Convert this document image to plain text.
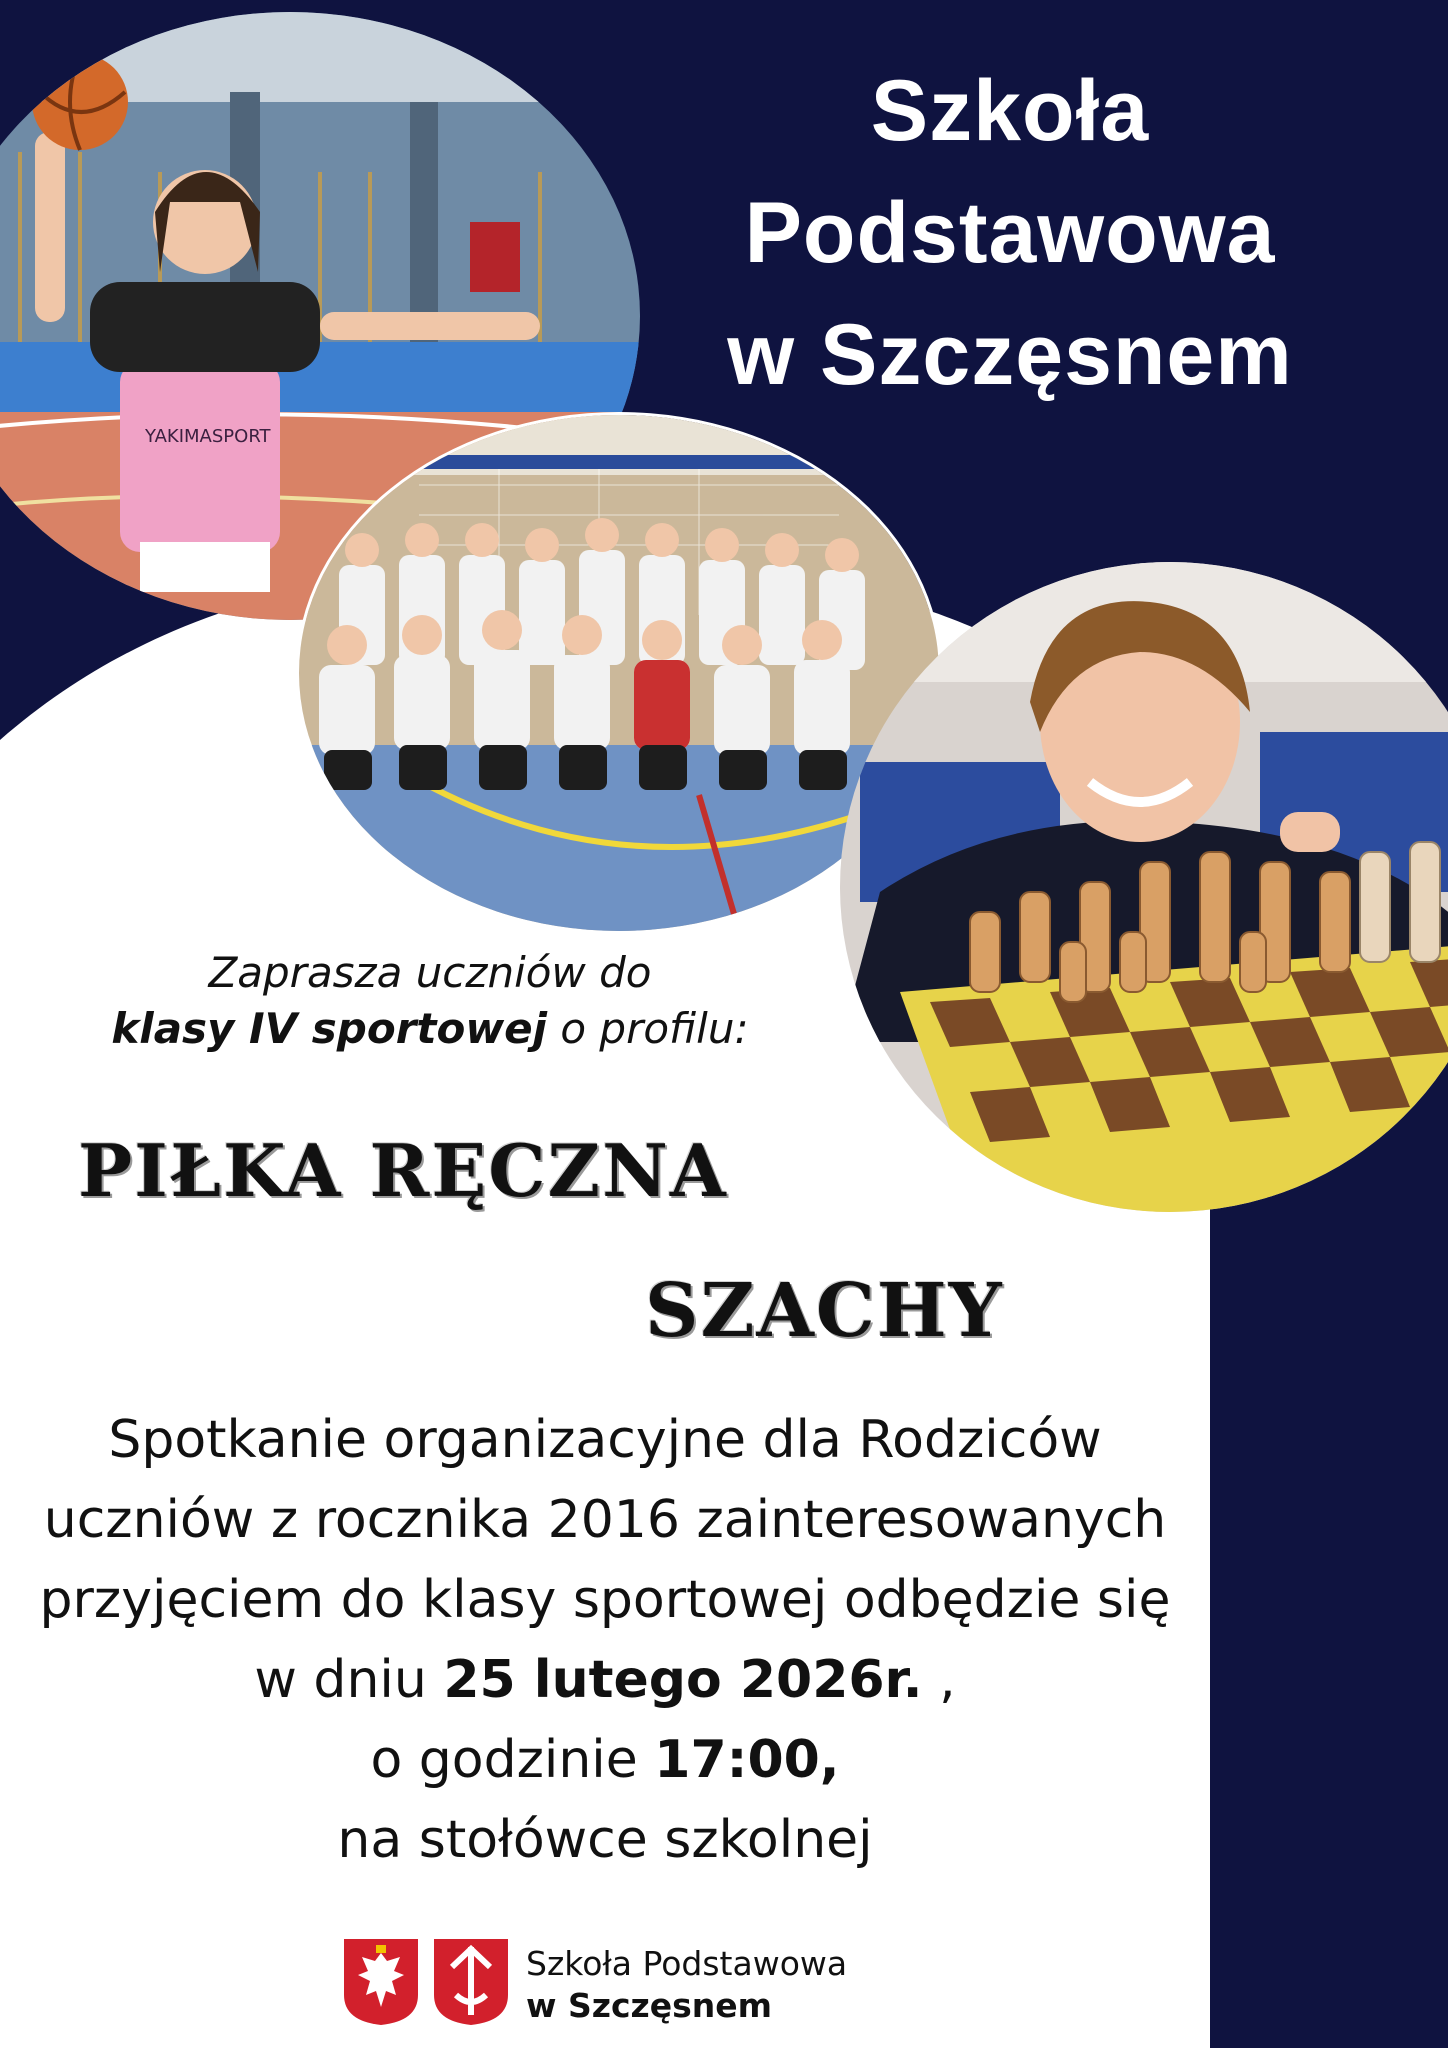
Szkoła
Podstawowa
w Szczęsnem
YAKIMASPORT
Zaprasza uczniów do
klasy IV sportowej o profilu:
PIŁKA RĘCZNA
SZACHY
Spotkanie organizacyjne dla Rodziców
uczniów z rocznika 2016 zainteresowanych
przyjęciem do klasy sportowej odbędzie się
w dniu 25 lutego 2026r. ,
o godzinie 17:00,
na stołówce szkolnej
Szkoła Podstawowa
w Szczęsnem
